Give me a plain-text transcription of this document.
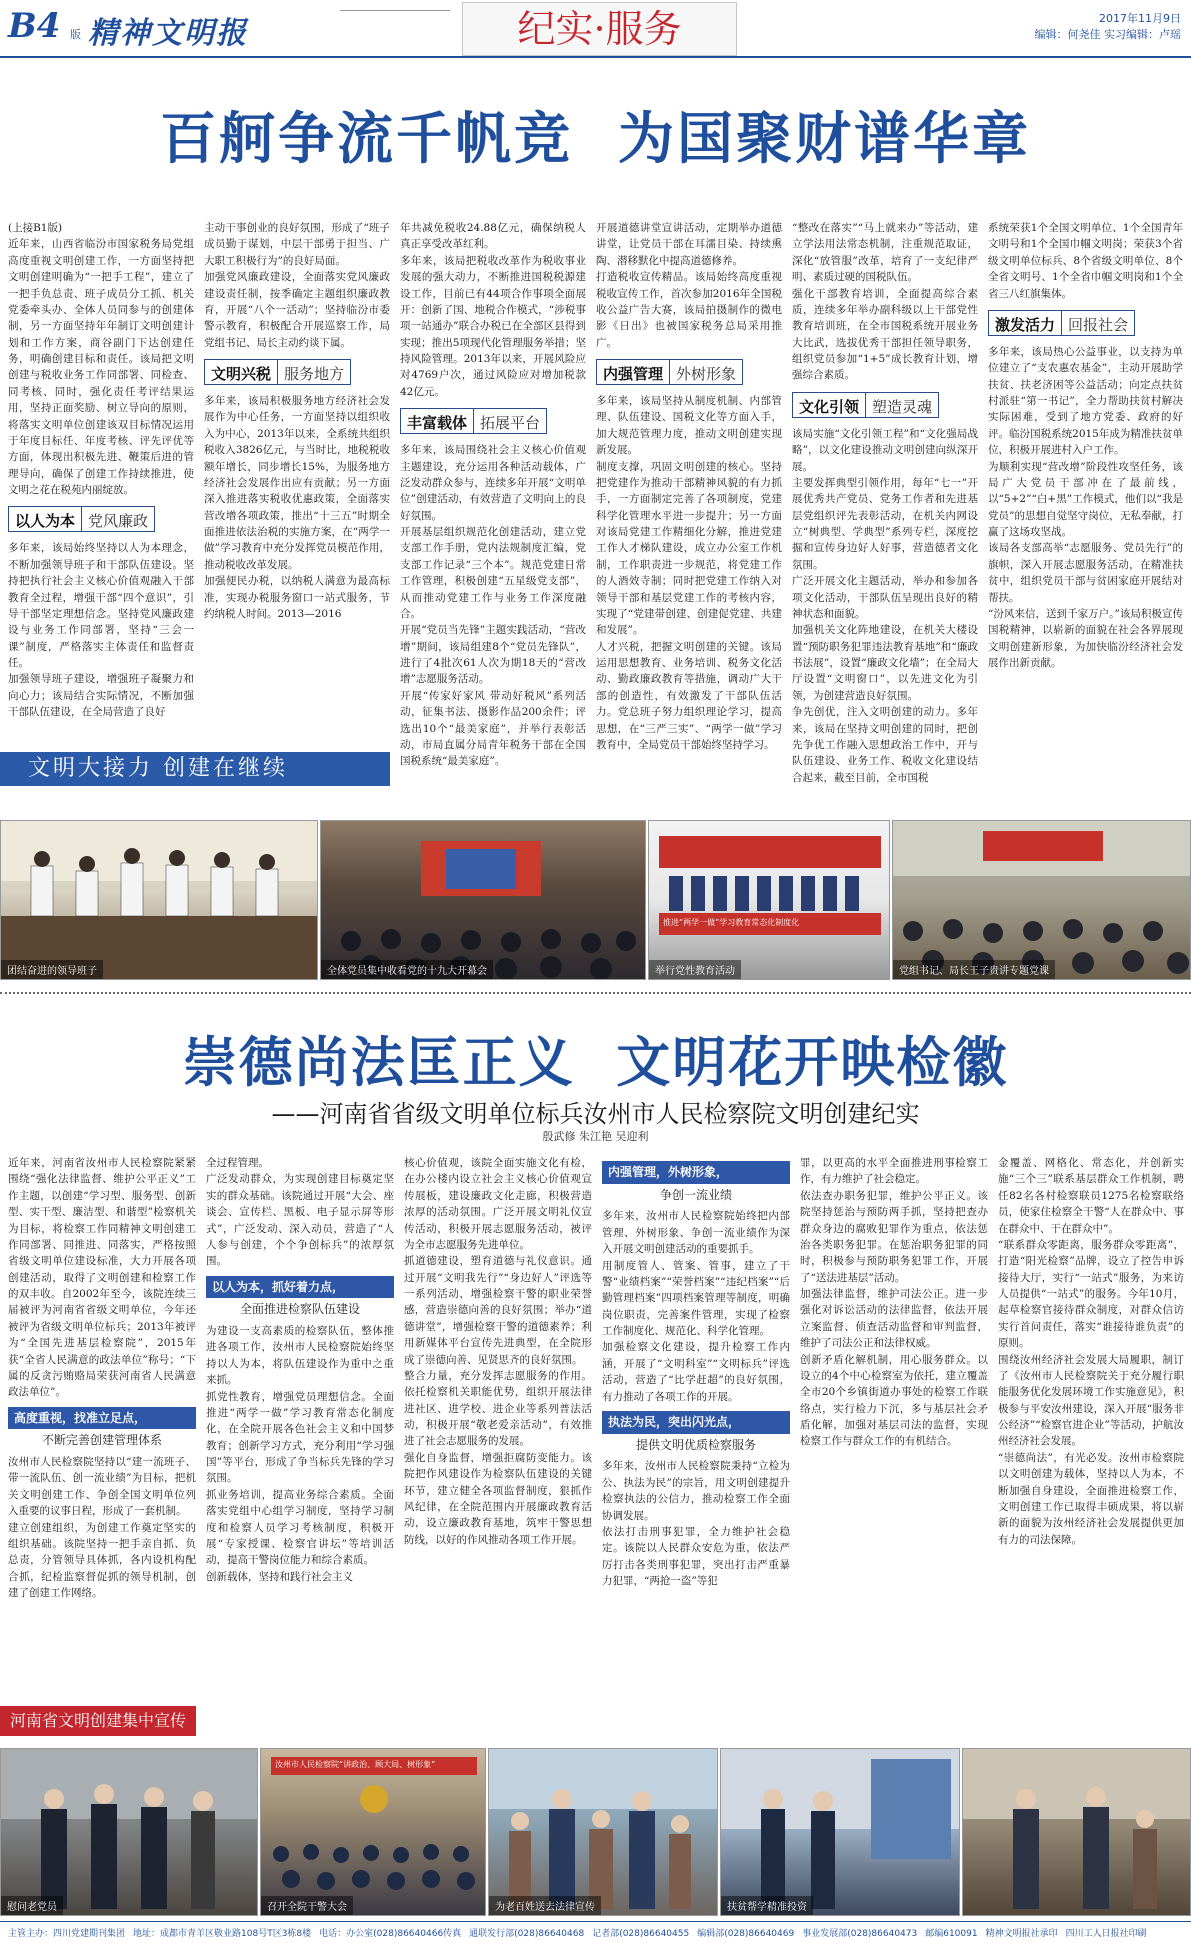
B4 版 精神文明报	纪实·服务	2017年11月9日
编辑：何尧佳 实习编辑：卢瑶
百舸争流千帆竞  为国聚财谱华章

(上接B1版)

近年来，山西省临汾市国家税务局党组高度重视文明创建工作，一方面坚持把文明创建明确为“一把手工程”，建立了一把手负总责、班子成员分工抓、机关党委牵头办、全体人员同参与的创建体制，另一方面坚持年年制订文明创建计划和工作方案，商谷副门下达创建任务，明确创建目标和责任。该局把文明创建与税收业务工作同部署、同检查、同考核、同时，强化责任考评结果运用，坚持正面奖励、树立导向的原则，将落实文明单位创建该双目标情况运用于年度目标任、年度考核、评先评优等方面，体现出积极先进、鞭策后进的管理导向，确保了创建工作持续推进，使文明之花在税苑内丽绽放。

以人为本 党风廉政

多年来，该局始终坚持以人为本理念，不断加强领导班子和干部队伍建设。坚持把执行社会主义核心价值观融入干部教育全过程，增强干部“四个意识”，引导干部坚定理想信念。坚持党风廉政建设与业务工作同部署，坚持“三会一课”制度，严格落实主体责任和监督责任。

加强领导班子建设，增强班子凝聚力和向心力；该局结合实际情况，不断加强干部队伍建设，在全局营造了良好

主动干事创业的良好氛围，形成了“班子成员勤于谋划，中层干部勇于担当、广大职工积极行为”的良好局面。

加强党风廉政建设，全面落实党风廉政建设责任制，按季确定主题组织廉政教育，开展“八个一活动”；坚持临汾市委警示教育，积极配合开展巡察工作，局党组书记、局长主动约谈下属。

文明兴税 服务地方

多年来，该局积极服务地方经济社会发展作为中心任务，一方面坚持以组织收入为中心，2013年以来，全系统共组织税收入3826亿元，与当时比，地税税收额年增长，同步增长15%，为服务地方经济社会发展作出应有贡献；另一方面深入推进落实税收优惠政策，全面落实营改增各项政策，推出“十三五”时期全面推进依法治税的实施方案，在“两学一做”学习教育中充分发挥党员模范作用，推动税收改革发展。

加强便民办税，以纳税人满意为最高标准，实现办税服务窗口一站式服务，节约纳税人时间。2013—2016

年共减免税收24.88亿元，确保纳税人真正享受改革红利。

多年来，该局把税收改革作为税收事业发展的强大动力，不断推进国税税源建设工作，目前已有44项合作事项全面展开：创新了国、地税合作模式，“涉税事项一站通办”联合办税已在全部区县得到实现；推出5项现代化管理服务举措；坚持风险管理。2013年以来，开展风险应对4769户次，通过风险应对增加税款42亿元。

丰富载体 拓展平台

多年来，该局围绕社会主义核心价值观主题建设，充分运用各种活动载体，广泛发动群众参与，连续多年开展“文明单位”创建活动，有效营造了文明向上的良好氛围。

开展基层组织规范化创建活动，建立党支部工作手册，党内法规制度汇编，党支部工作记录“三个本”。规范党建日常工作管理，积极创建“五星级党支部”，从而推动党建工作与业务工作深度融合。

开展“党员当先锋”主题实践活动，“营改增”期间，该局组建8个“党员先锋队”，进行了4批次61人次为期18天的“营改增”志愿服务活动。

开展“传家好家风 带动好税风”系列活动，征集书法、摄影作品200余件；评选出10个“最美家庭”，并举行表彰活动，市局直属分局青年税务干部在全国国税系统“最美家庭”。

开展道德讲堂宣讲活动，定期举办道德讲堂，让党员干部在耳濡目染、持续熏陶、潜移默化中提高道德修养。

打造税收宣传精品。该局始终高度重视税收宣传工作，首次参加2016年全国税收公益广告大赛，该局拍摄制作的微电影《日出》也被国家税务总局采用推广。

内强管理 外树形象

多年来，该局坚持从制度机制、内部管理、队伍建设、国税文化等方面入手，加大规范管理力度，推动文明创建实现新发展。

制度支撑，巩固文明创建的核心。坚持把党建作为推动干部精神风貌的有力抓手，一方面制定完善了各项制度，党建科学化管理水平进一步提升；另一方面对该局党建工作精细化分解，推进党建工作人才梯队建设，成立办公室工作机制，工作职责进一步规范，将党建工作的人酒效寺制；同时把党建工作纳入对领导干部和基层党建工作的考核内容，实现了“党建带创建、创建促党建、共建和发展”。

人才兴税，把握文明创建的关键。该局运用思想教育、业务培训、税务文化活动、勤政廉政教育等措施，调动广大干部的创造性，有效激发了干部队伍活力。党总班子努力组织理论学习，提高思想，在“三严三实”、“两学一做”学习教育中，全局党员干部始终坚持学习。

“整改在落实”“马上就来办”等活动，建立学法用法常态机制，注重规范取证，深化“放管服”改革，培育了一支纪律严明、素质过硬的国税队伍。

强化干部教育培训，全面提高综合素质，连续多年举办副科级以上干部党性教育培训班，在全市国税系统开展业务大比武，选拔优秀干部担任领导职务，组织党员参加“1+5”成长教育计划，增强综合素质。

文化引领 塑造灵魂

该局实施“文化引领工程”和“文化强局战略”，以文化建设推动文明创建向纵深开展。

主要发挥典型引领作用，每年“七一”开展优秀共产党员、党务工作者和先进基层党组织评先表彰活动，在机关内网设立“树典型、学典型”系列专栏，深度挖掘和宣传身边好人好事，营造德者文化氛围。

广泛开展文化主题活动，举办和参加各项文化活动，干部队伍呈现出良好的精神状态和面貌。

加强机关文化阵地建设，在机关大楼设置“预防职务犯罪违法教育基地”和“廉政书法展”，设置“廉政文化墙”；在全局大厅设置“文明窗口”，以先进文化为引领，为创建营造良好氛围。

争先创优，注入文明创建的动力。多年来，该局在坚持文明创建的同时，把创先争优工作融入思想政治工作中，开与队伍建设、业务工作、税收文化建设结合起来，截至目前，全市国税

系统荣获1个全国文明单位、1个全国青年文明号和1个全国巾帼文明岗；荣获3个省级文明单位标兵、8个省级文明单位、8个全省文明号、1个全省巾帼文明岗和1个全省三八红旗集体。

激发活力 回报社会

多年来，该局热心公益事业，以支持为单位建立了“支农惠农基金”，主动开展助学扶贫、扶老济困等公益活动；向定点扶贫村派驻“第一书记”，全力帮助扶贫村解决实际困难，受到了地方党委、政府的好评。临汾国税系统2015年成为精准扶贫单位，积极开展进村入户工作。

为顺利实现“营改增”阶段性攻坚任务，该局广大党员干部冲在了最前线，以“5+2”“白+黑”工作模式，他们以“我是党员”的思想自觉坚守岗位，无私奉献，打赢了这场攻坚战。

该局各支部高举“志愿服务、党员先行”的旗帜，深入开展志愿服务活动，在精准扶贫中，组织党员干部与贫困家庭开展结对帮扶。

“汾风来信，送到千家万户。”该局积极宣传国税精神，以崭新的面貌在社会各界展现文明创建新形象，为加快临汾经济社会发展作出新贡献。

文明大接力 创建在继续
团结奋进的领导班子	全体党员集中收看党的十九大开幕会
推进“两学一做”学习教育常态化制度化
举行党性教育活动	党组书记、局长王子贵讲专题党课
崇德尚法匡正义  文明花开映检徽
——河南省省级文明单位标兵汝州市人民检察院文明创建纪实
殷武修 朱江艳 吴迎利

近年来，河南省汝州市人民检察院紧紧围绕“强化法律监督、维护公平正义”工作主题，以创建“学习型、服务型、创新型、实干型、廉洁型、和谐型”检察机关为目标，将检察工作同精神文明创建工作同部署、同推进、同落实，严格按照省级文明单位建设标准，大力开展各项创建活动，取得了文明创建和检察工作的双丰收。自2002年至今，该院连续三届被评为河南省省级文明单位，今年还被评为省级文明单位标兵；2013年被评为“全国先进基层检察院”，2015年获“全省人民满意的政法单位”称号；“下属的反贪污贿赂局荣获河南省人民满意政法单位”。

高度重视，找准立足点，
不断完善创建管理体系

汝州市人民检察院坚持以“建一流班子、带一流队伍、创一流业绩”为目标，把机关文明创建工作、争创全国文明单位列入重要的议事日程，形成了一套机制。

建立创建组织，为创建工作奠定坚实的组织基础。该院坚持一把手亲自抓、负总责，分管领导具体抓，各内设机构配合抓，纪检监察督促抓的领导机制，创建了创建工作网络。

河南省文明创建集中宣传

全过程管理。

广泛发动群众，为实现创建目标奠定坚实的群众基础。该院通过开展“大会、座谈会、宣传栏、黑板、电子显示屏等形式”，广泛发动、深入动员，营造了“人人参与创建，个个争创标兵”的浓厚氛围。

以人为本，抓好着力点，
全面推进检察队伍建设

为建设一支高素质的检察队伍，整体推进各项工作，汝州市人民检察院始终坚持以人为本，将队伍建设作为重中之重来抓。

抓党性教育，增强党员理想信念。全面推进“两学一做”学习教育常态化制度化，在全院开展各色社会主义和中国梦教育；创新学习方式，充分利用“学习强国”等平台，形成了争当标兵先锋的学习氛围。

抓业务培训，提高业务综合素质。全面落实党组中心组学习制度，坚持学习制度和检察人员学习考核制度，积极开展“专家授课、检察官讲坛”等培训活动，提高干警岗位能力和综合素质。

创新载体，坚持和践行社会主义

核心价值观，该院全面实施文化有检，在办公楼内设立社会主义核心价值观宣传展板，建设廉政文化走廊，积极营造浓厚的活动氛围。广泛开展文明礼仪宣传活动，积极开展志愿服务活动，被评为全市志愿服务先进单位。

抓道德建设，塑育道德与礼仪意识。通过开展“文明我先行”“身边好人”评选等一系列活动，增强检察干警的职业荣誉感，营造崇德向善的良好氛围；举办“道德讲堂”，增强检察干警的道德素养；利用新媒体平台宣传先进典型，在全院形成了崇德向善、见贤思齐的良好氛围。

整合力量，充分发挥志愿服务的作用。依托检察机关职能优势，组织开展法律进社区、进学校、进企业等系列普法活动，积极开展“敬老爱亲活动”，有效推进了社会志愿服务的发展。

强化自身监督，增强拒腐防变能力。该院把作风建设作为检察队伍建设的关键环节，建立健全各项监督制度，狠抓作风纪律，在全院范围内开展廉政教育活动，设立廉政教育基地，筑牢干警思想防线，以好的作风推动各项工作开展。

内强管理，外树形象，
争创一流业绩

多年来，汝州市人民检察院始终把内部管理、外树形象、争创一流业绩作为深入开展文明创建活动的重要抓手。

用制度管人、管案、管事，建立了干警“业绩档案”“荣誉档案”“违纪档案”“后勤管理档案”四项档案管理等制度，明确岗位职责，完善案件管理，实现了检察工作制度化、规范化、科学化管理。

加强检察文化建设，提升检察工作内涵，开展了“文明科室”“文明标兵”评选活动，营造了“比学赶超”的良好氛围，有力推动了各项工作的开展。

执法为民，突出闪光点，
提供文明优质检察服务

多年来，汝州市人民检察院秉持“立检为公、执法为民”的宗旨，用文明创建提升检察执法的公信力，推动检察工作全面协调发展。

依法打击刑事犯罪，全力维护社会稳定。该院以人民群众安危为重，依法严厉打击各类刑事犯罪，突出打击严重暴力犯罪，“两抢一盗”等犯

罪，以更高的水平全面推进刑事检察工作，有力维护了社会稳定。

依法查办职务犯罪，维护公平正义。该院坚持惩治与预防两手抓，坚持把查办群众身边的腐败犯罪作为重点，依法惩治各类职务犯罪。在惩治职务犯罪的同时，积极参与预防职务犯罪工作，开展了“送法进基层”活动。

加强法律监督，维护司法公正。进一步强化对诉讼活动的法律监督，依法开展立案监督、侦查活动监督和审判监督，维护了司法公正和法律权威。

创新矛盾化解机制，用心服务群众。以设立的4个中心检察室为依托，建立覆盖全市20个乡镇街道办事处的检察工作联络点，实行检力下沉，多与基层社会矛盾化解，加强对基层司法的监督，实现检察工作与群众工作的有机结合。

金覆盖、网格化、常态化，并创新实施“三个三”联系基层群众工作机制，聘任82名各村检察联员1275名检察联络员，使家住检察全干警“人在群众中、事在群众中、干在群众中”。

“联系群众零距离，服务群众零距离”，打造“阳光检察”品牌，设立了控告申诉接待大厅，实行“一站式”服务，为来访人员提供“一站式”的服务。今年10月，起草检察官接待群众制度，对群众信访实行首问责任，落实“谁接待谁负责”的原则。

围绕汝州经济社会发展大局履职，制订了《汝州市人民检察院关于充分履行职能服务优化发展环境工作实施意见》，积极参与平安汝州建设，深入开展“服务非公经济”“检察官进企业”等活动，护航汝州经济社会发展。

“崇德尚法”，有光必发。汝州市检察院以文明创建为载体，坚持以人为本，不断加强自身建设，全面推进检察工作，文明创建工作已取得丰硕成果，将以崭新的面貌为汝州经济社会发展提供更加有力的司法保障。

慰问老党员
汝州市人民检察院“讲政治、顾大局、树形象”
召开全院干警大会	为老百姓送去法律宣传	扶贫帮学精准投资
主管主办：四川党建期刊集团 地址：成都市青羊区敬业路108号T区3栋8楼 电话：办公室(028)86640466传真 通联发行部(028)86640468 记者部(028)86640455 编辑部(028)86640469 事业发展部(028)86640473 邮编610091 精神文明报社承印 四川工人日报社印刷
